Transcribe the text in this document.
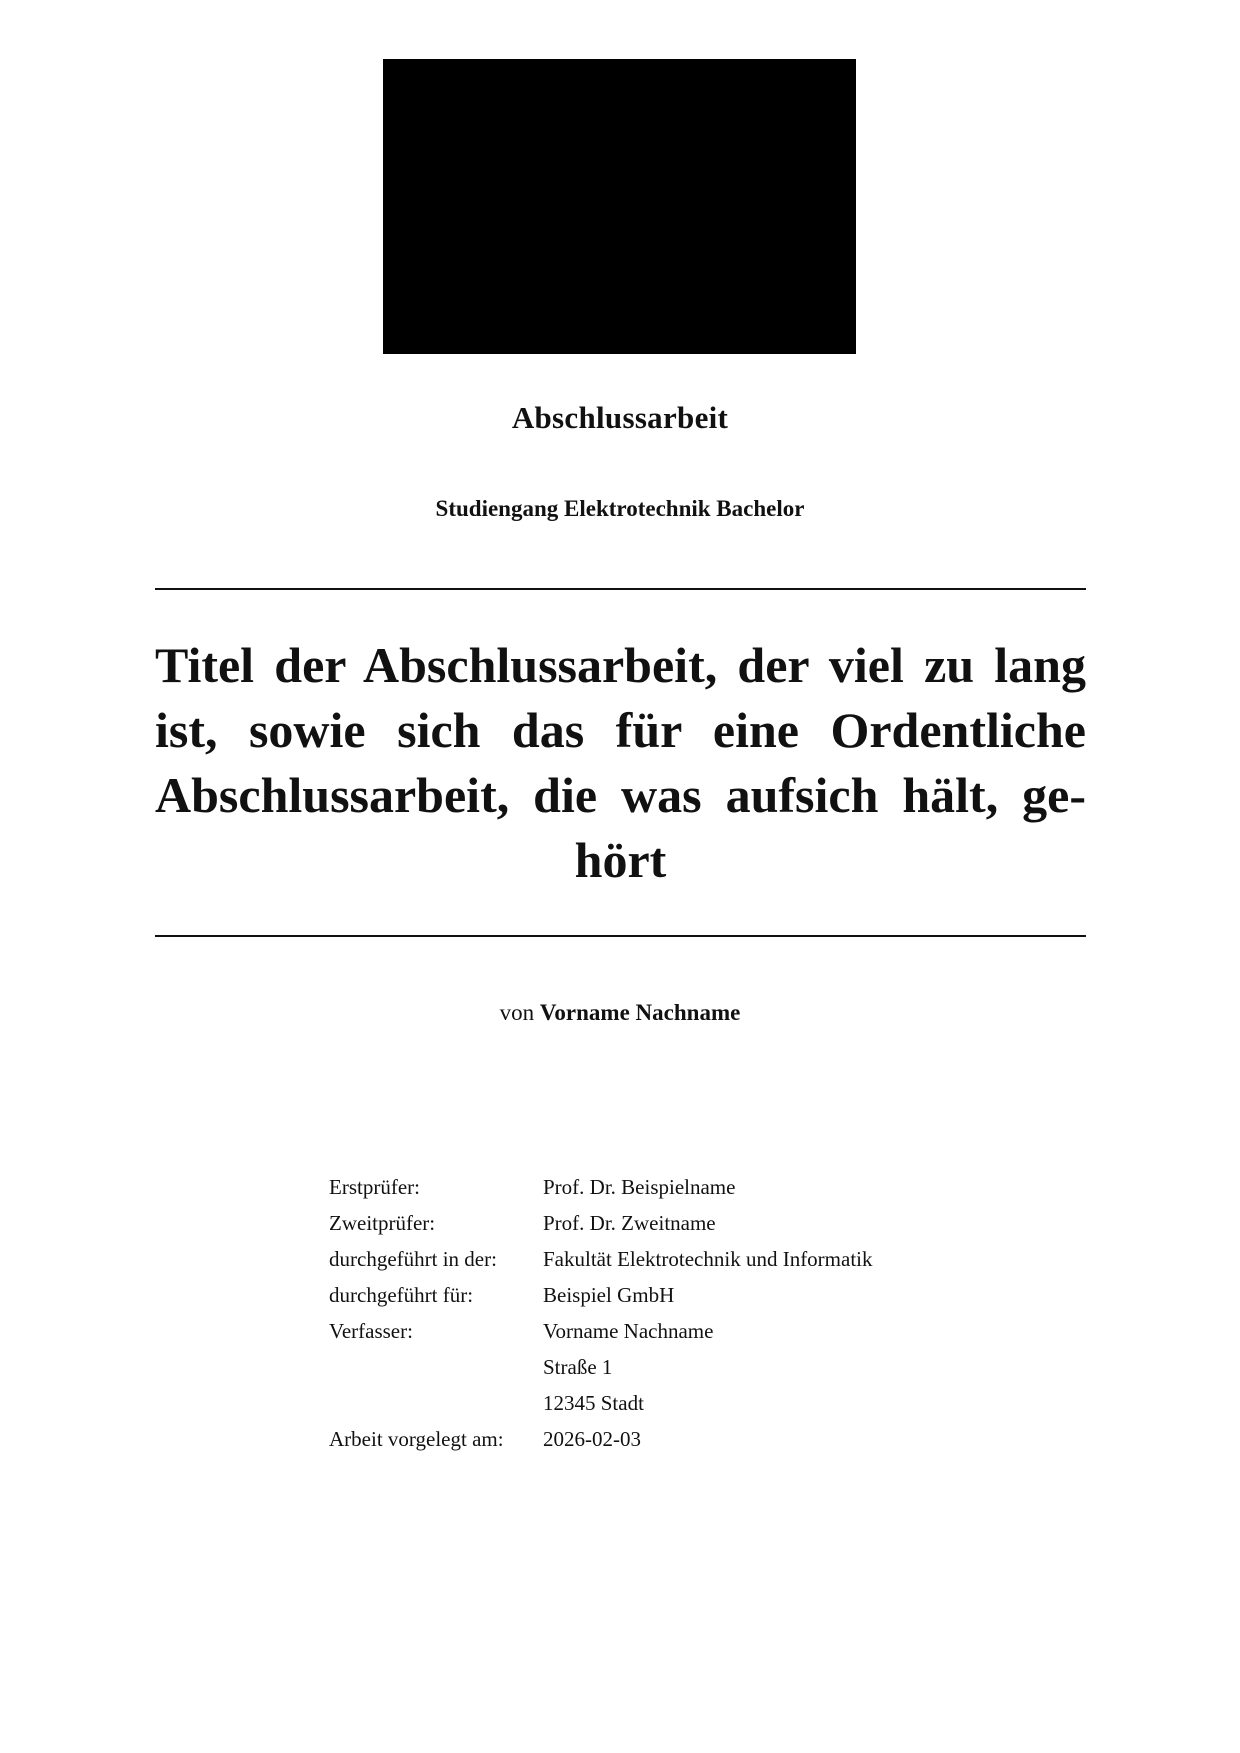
Abschlussarbeit
Studiengang Elektrotechnik Bachelor

Titel der Abschlussarbeit, der viel zu lang ist, sowie sich das für eine Ordentliche Abschlussarbeit, die was aufsich hält, gehört

von Vorname Nachname
Erstprüfer:	Prof. Dr. Beispielname
Zweitprüfer:	Prof. Dr. Zweitname
durchgeführt in der:	Fakultät Elektrotechnik und Informatik
durchgeführt für:	Beispiel GmbH
Verfasser:	Vorname Nachname
	Straße 1
	12345 Stadt
Arbeit vorgelegt am:	2026-02-03
